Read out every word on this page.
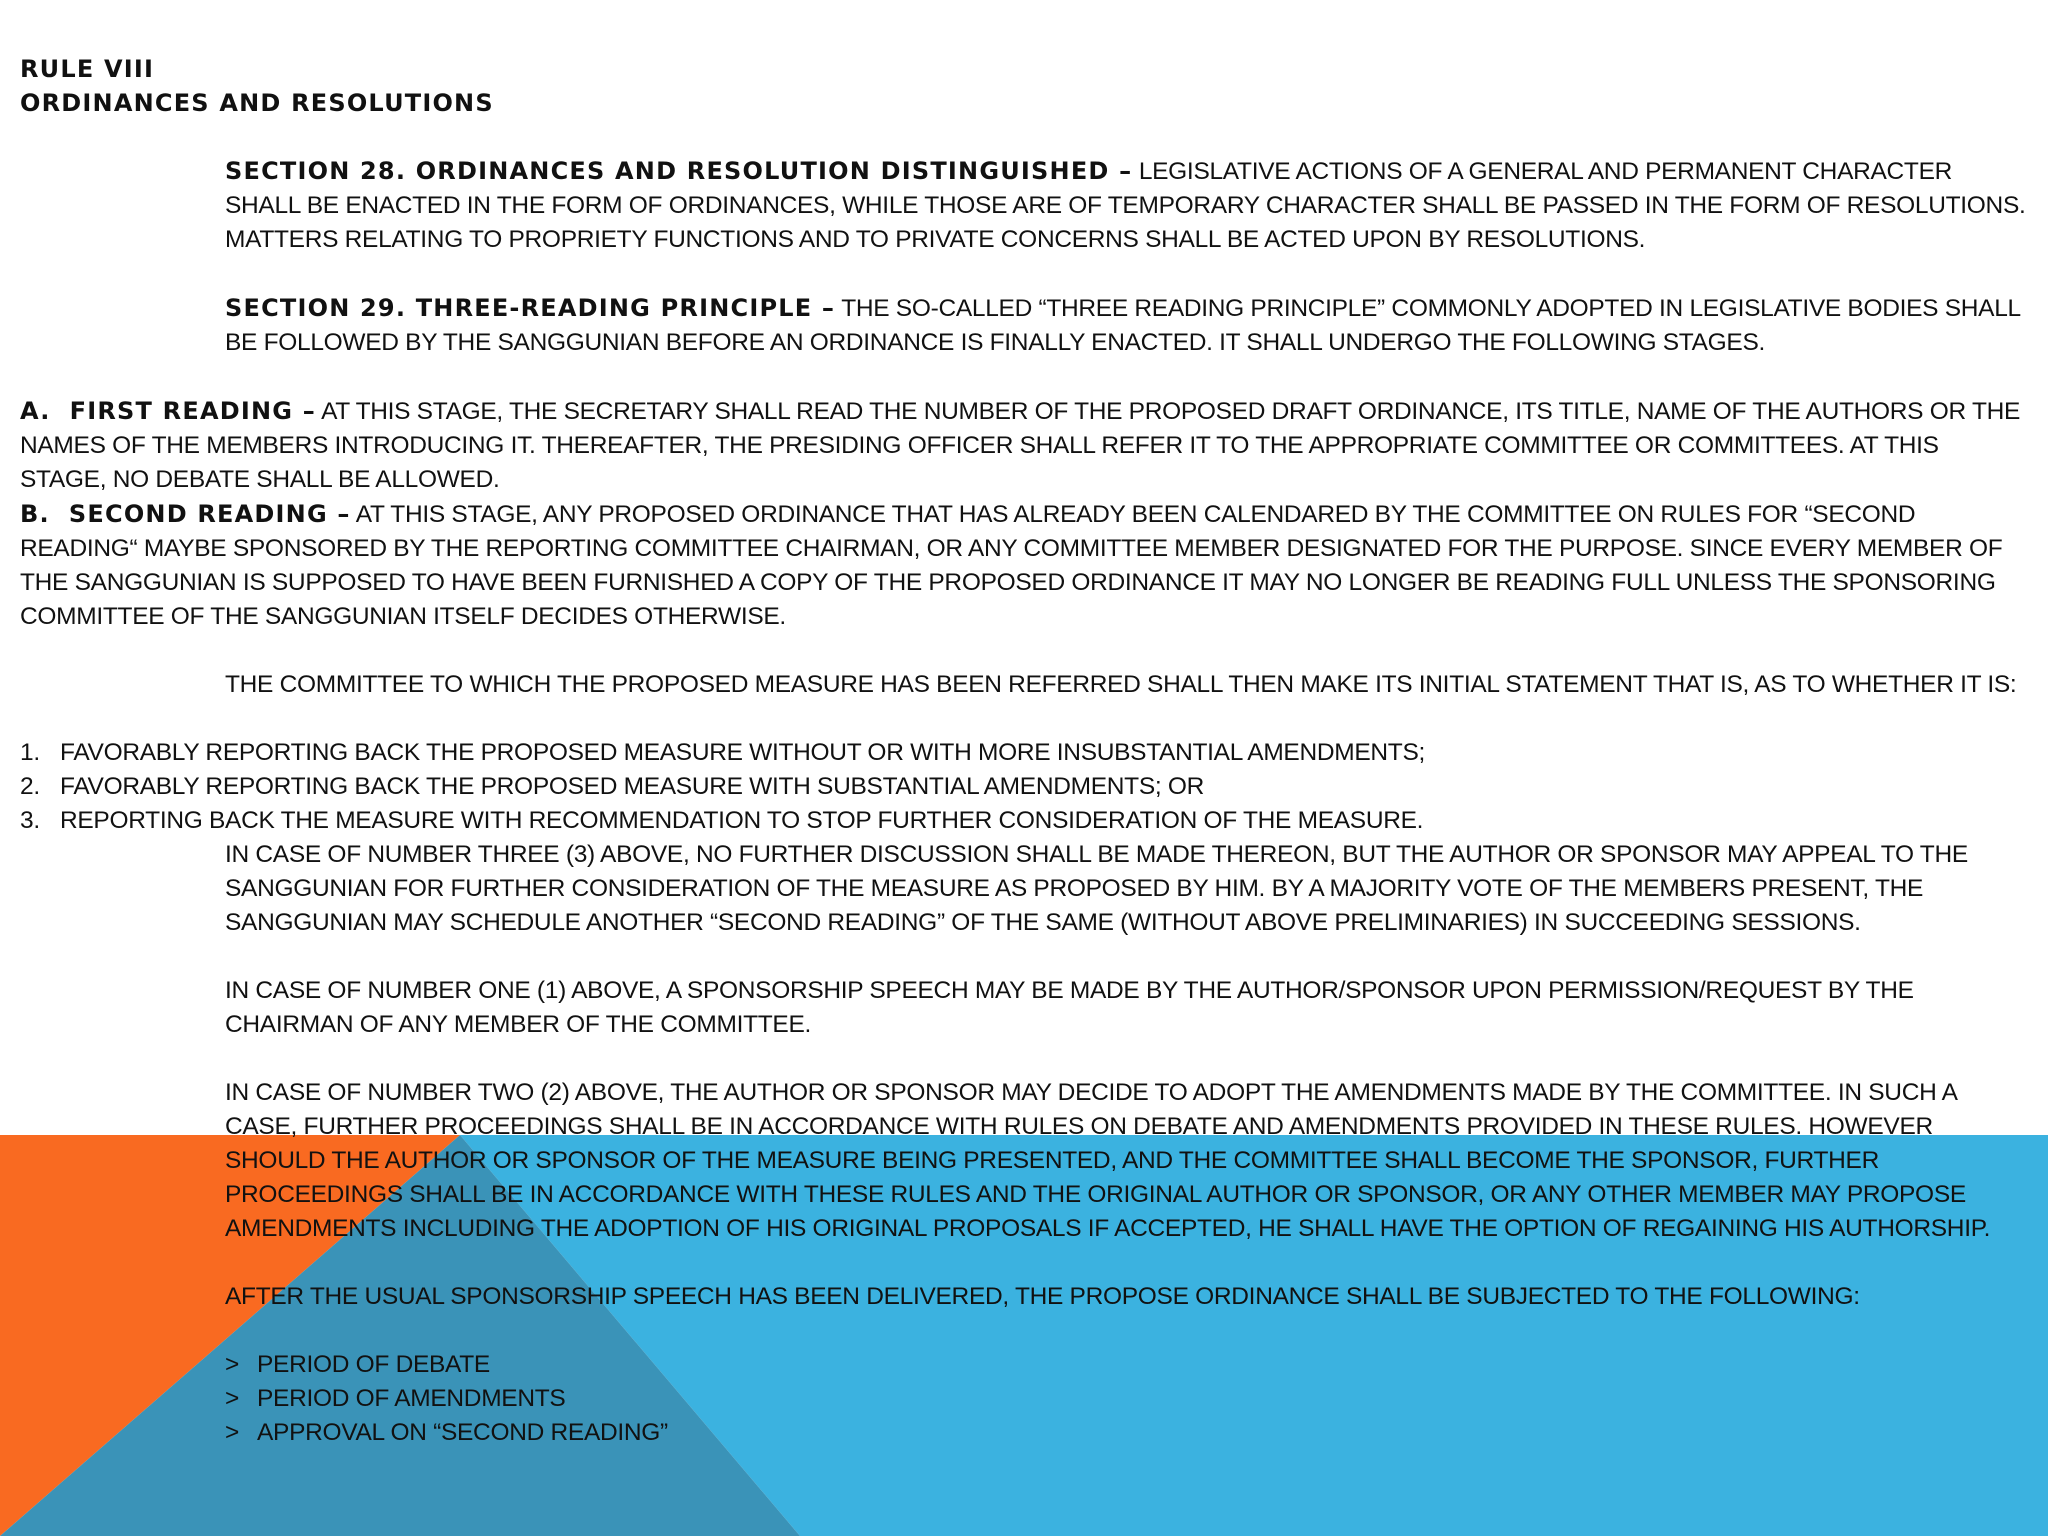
RULE VIII

ORDINANCES AND RESOLUTIONS

SECTION 28. ORDINANCES AND RESOLUTION DISTINGUISHED – LEGISLATIVE ACTIONS OF A GENERAL AND PERMANENT CHARACTER SHALL BE ENACTED IN THE FORM OF ORDINANCES, WHILE THOSE ARE OF TEMPORARY CHARACTER SHALL BE PASSED IN THE FORM OF RESOLUTIONS. MATTERS RELATING TO PROPRIETY FUNCTIONS AND TO PRIVATE CONCERNS SHALL BE ACTED UPON BY RESOLUTIONS.

SECTION 29. THREE-READING PRINCIPLE – THE SO-CALLED “THREE READING PRINCIPLE” COMMONLY ADOPTED IN LEGISLATIVE BODIES SHALL BE FOLLOWED BY THE SANGGUNIAN BEFORE AN ORDINANCE IS FINALLY ENACTED. IT SHALL UNDERGO THE FOLLOWING STAGES.

A.  FIRST READING – AT THIS STAGE, THE SECRETARY SHALL READ THE NUMBER OF THE PROPOSED DRAFT ORDINANCE, ITS TITLE, NAME OF THE AUTHORS OR THE NAMES OF THE MEMBERS INTRODUCING IT. THEREAFTER, THE PRESIDING OFFICER SHALL REFER IT TO THE APPROPRIATE COMMITTEE OR COMMITTEES. AT THIS STAGE, NO DEBATE SHALL BE ALLOWED.

B.  SECOND READING – AT THIS STAGE, ANY PROPOSED ORDINANCE THAT HAS ALREADY BEEN CALENDARED BY THE COMMITTEE ON RULES FOR “SECOND READING“ MAYBE SPONSORED BY THE REPORTING COMMITTEE CHAIRMAN, OR ANY COMMITTEE MEMBER DESIGNATED FOR THE PURPOSE. SINCE EVERY MEMBER OF THE SANGGUNIAN IS SUPPOSED TO HAVE BEEN FURNISHED A COPY OF THE PROPOSED ORDINANCE IT MAY NO LONGER BE READING FULL UNLESS THE SPONSORING COMMITTEE OF THE SANGGUNIAN ITSELF DECIDES OTHERWISE.

THE COMMITTEE TO WHICH THE PROPOSED MEASURE HAS BEEN REFERRED SHALL THEN MAKE ITS INITIAL STATEMENT THAT IS, AS TO WHETHER IT IS:

1. FAVORABLY REPORTING BACK THE PROPOSED MEASURE WITHOUT OR WITH MORE INSUBSTANTIAL AMENDMENTS;

2. FAVORABLY REPORTING BACK THE PROPOSED MEASURE WITH SUBSTANTIAL AMENDMENTS; OR

3. REPORTING BACK THE MEASURE WITH RECOMMENDATION TO STOP FURTHER CONSIDERATION OF THE MEASURE.

IN CASE OF NUMBER THREE (3) ABOVE, NO FURTHER DISCUSSION SHALL BE MADE THEREON, BUT THE AUTHOR OR SPONSOR MAY APPEAL TO THE SANGGUNIAN FOR FURTHER CONSIDERATION OF THE MEASURE AS PROPOSED BY HIM. BY A MAJORITY VOTE OF THE MEMBERS PRESENT, THE SANGGUNIAN MAY SCHEDULE ANOTHER “SECOND READING” OF THE SAME (WITHOUT ABOVE PRELIMINARIES) IN SUCCEEDING SESSIONS.

IN CASE OF NUMBER ONE (1) ABOVE, A SPONSORSHIP SPEECH MAY BE MADE BY THE AUTHOR/SPONSOR UPON PERMISSION/REQUEST BY THE CHAIRMAN OF ANY MEMBER OF THE COMMITTEE.

IN CASE OF NUMBER TWO (2) ABOVE, THE AUTHOR OR SPONSOR MAY DECIDE TO ADOPT THE AMENDMENTS MADE BY THE COMMITTEE. IN SUCH A CASE, FURTHER PROCEEDINGS SHALL BE IN ACCORDANCE WITH RULES ON DEBATE AND AMENDMENTS PROVIDED IN THESE RULES. HOWEVER SHOULD THE AUTHOR OR SPONSOR OF THE MEASURE BEING PRESENTED, AND THE COMMITTEE SHALL BECOME THE SPONSOR, FURTHER PROCEEDINGS SHALL BE IN ACCORDANCE WITH THESE RULES AND THE ORIGINAL AUTHOR OR SPONSOR, OR ANY OTHER MEMBER MAY PROPOSE AMENDMENTS INCLUDING THE ADOPTION OF HIS ORIGINAL PROPOSALS IF ACCEPTED, HE SHALL HAVE THE OPTION OF REGAINING HIS AUTHORSHIP.

AFTER THE USUAL SPONSORSHIP SPEECH HAS BEEN DELIVERED, THE PROPOSE ORDINANCE SHALL BE SUBJECTED TO THE FOLLOWING:

> PERIOD OF DEBATE

> PERIOD OF AMENDMENTS

> APPROVAL ON “SECOND READING”
